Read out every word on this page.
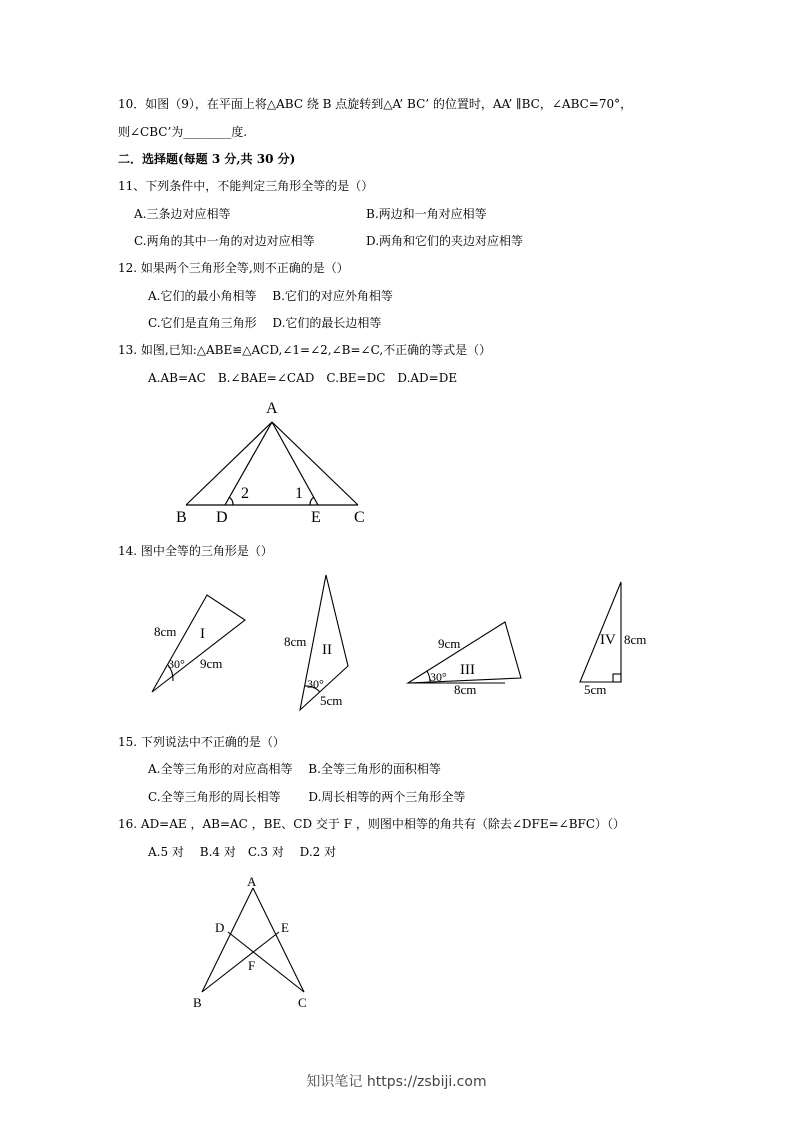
10．如图（9），在平面上将△ABC 绕 B 点旋转到△A’ BC’ 的位置时，AA’ ∥BC，∠ABC=70°，
则∠CBC’为________度.
二．选择题(每题 3 分,共 30 分)
11、下列条件中，不能判定三角形全等的是（）
A.三条边对应相等	B.两边和一角对应相等
C.两角的其中一角的对边对应相等	D.两角和它们的夹边对应相等
12. 如果两个三角形全等,则不正确的是（）
A.它们的最小角相等　 B.它们的对应外角相等
C.它们是直角三角形　 D.它们的最长边相等
13. 如图,已知:△ABE≌△ACD,∠1=∠2,∠B=∠C,不正确的等式是（）
A.AB=AC　B.∠BAE=∠CAD　C.BE=DC　D.AD=DE
A
B D	E C
2	1
14. 图中全等的三角形是（）
8cm
9cm
30°
I	8cm
5cm
30°
II	9cm
8cm
30° III
8cm
5cm
IV
15. 下列说法中不正确的是（）
A.全等三角形的对应高相等　 B.全等三角形的面积相等
C.全等三角形的周长相等　　 D.周长相等的两个三角形全等
16. AD=AE ，AB=AC ，BE、CD 交于 F ，则图中相等的角共有（除去∠DFE=∠BFC）（）
A.5 对　 B.4 对　C.3 对　 D.2 对
A
D	E
F
B	C
知识笔记 https://zsbiji.com
